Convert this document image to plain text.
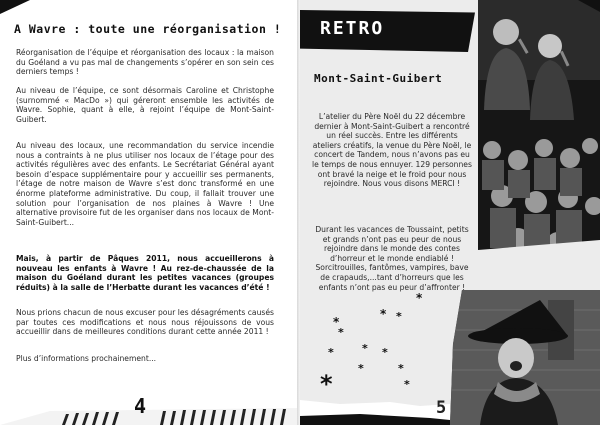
A Wavre : toute une réorganisation !

Réorganisation de l’équipe et réorganisation des locaux : la maison du Goéland a vu pas mal de changements s’opérer en son sein ces derniers temps !

Au niveau de l’équipe, ce sont désormais Caroline et Christophe (surnommé « MacDo ») qui géreront ensemble les activités de Wavre. Sophie, quant à elle, à rejoint l’équipe de Mont-Saint-Guibert.

Au niveau des locaux, une recommandation du service incendie nous a contraints à ne plus utiliser nos locaux de l’étage pour des activités régulières avec des enfants. Le Secrétariat Général ayant besoin d’espace supplémentaire pour y accueillir ses permanents, l’étage de notre maison de Wavre s’est donc transformé en une énorme plateforme administrative. Du coup, il fallait trouver une solution pour l’organisation de nos plaines à Wavre ! Une alternative provisoire fut de les organiser dans nos locaux de Mont-Saint-Guibert...

Mais, à partir de Pâques 2011, nous accueillerons à nouveau les enfants à Wavre ! Au rez-de-chaussée de la maison du Goéland durant les petites vacances (groupes réduits) à la salle de l’Herbatte durant les vacances d’été !

Nous prions chacun de nous excuser pour les désagréments causés par toutes ces modifications et nous nous réjouissons de vous accueillir dans de meilleures conditions durant cette année 2011 !

Plus d’informations prochainement...

4
RETRO
Mont-Saint-Guibert

L’atelier du Père Noël du 22 décembre dernier à Mont-Saint-Guibert a rencontré un réel succès. Entre les différents ateliers créatifs, la venue du Père Noël, le concert de Tandem, nous n’avons pas eu le temps de nous ennuyer. 129 personnes ont bravé la neige et le froid pour nous rejoindre. Nous vous disons MERCI !

Durant les vacances de Toussaint, petits et grands n’ont pas eu peur de nous rejoindre dans le monde des contes d’horreur et le monde endiablé ! Sorcitrouilles, fantômes, vampires, bave de crapauds,...tant d’horreurs que les enfants n’ont pas eu peur d’affronter !

*
*
* *
*
*	* *
*	*
*
*
5
